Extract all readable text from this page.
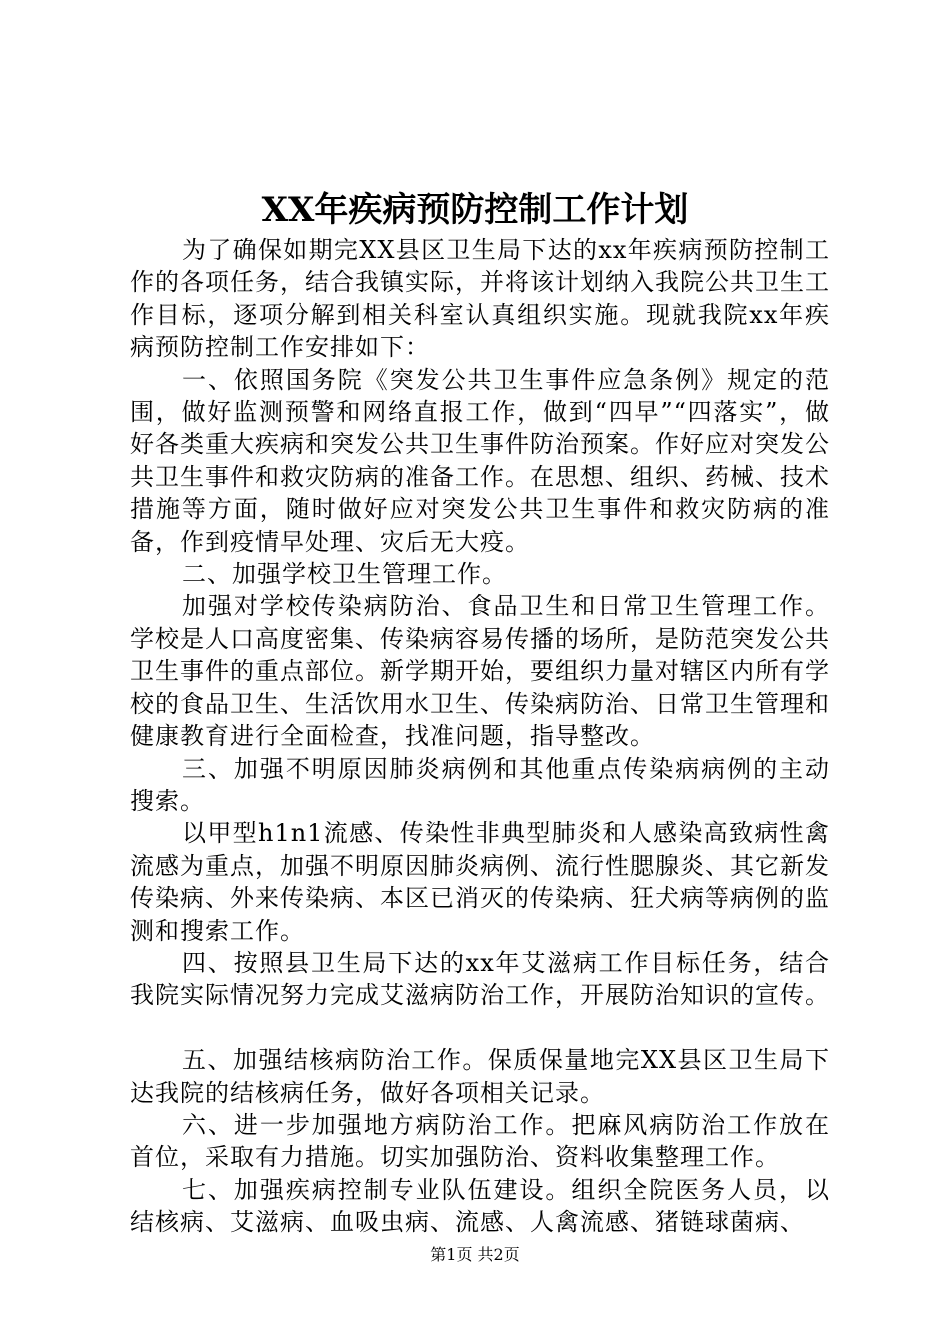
XX年疾病预防控制工作计划

为了确保如期完XX县区卫生局下达的xx年疾病预防控制工作的各项任务，结合我镇实际，并将该计划纳入我院公共卫生工作目标，逐项分解到相关科室认真组织实施。现就我院xx年疾病预防控制工作安排如下：

一、依照国务院《突发公共卫生事件应急条例》规定的范围，做好监测预警和网络直报工作，做到“四早”“四落实”，做好各类重大疾病和突发公共卫生事件防治预案。作好应对突发公共卫生事件和救灾防病的准备工作。在思想、组织、药械、技术措施等方面，随时做好应对突发公共卫生事件和救灾防病的准备，作到疫情早处理、灾后无大疫。

二、加强学校卫生管理工作。

加强对学校传染病防治、食品卫生和日常卫生管理工作。学校是人口高度密集、传染病容易传播的场所，是防范突发公共卫生事件的重点部位。新学期开始，要组织力量对辖区内所有学校的食品卫生、生活饮用水卫生、传染病防治、日常卫生管理和健康教育进行全面检查，找准问题，指导整改。

三、加强不明原因肺炎病例和其他重点传染病病例的主动搜索。

以甲型h1n1流感、传染性非典型肺炎和人感染高致病性禽流感为重点，加强不明原因肺炎病例、流行性腮腺炎、其它新发传染病、外来传染病、本区已消灭的传染病、狂犬病等病例的监测和搜索工作。

四、按照县卫生局下达的xx年艾滋病工作目标任务，结合我院实际情况努力完成艾滋病防治工作，开展防治知识的宣传。

五、加强结核病防治工作。保质保量地完XX县区卫生局下达我院的结核病任务，做好各项相关记录。

六、进一步加强地方病防治工作。把麻风病防治工作放在首位，采取有力措施。切实加强防治、资料收集整理工作。

七、加强疾病控制专业队伍建设。组织全院医务人员，以结核病、艾滋病、血吸虫病、流感、人禽流感、猪链球菌病、

第1页 共2页
